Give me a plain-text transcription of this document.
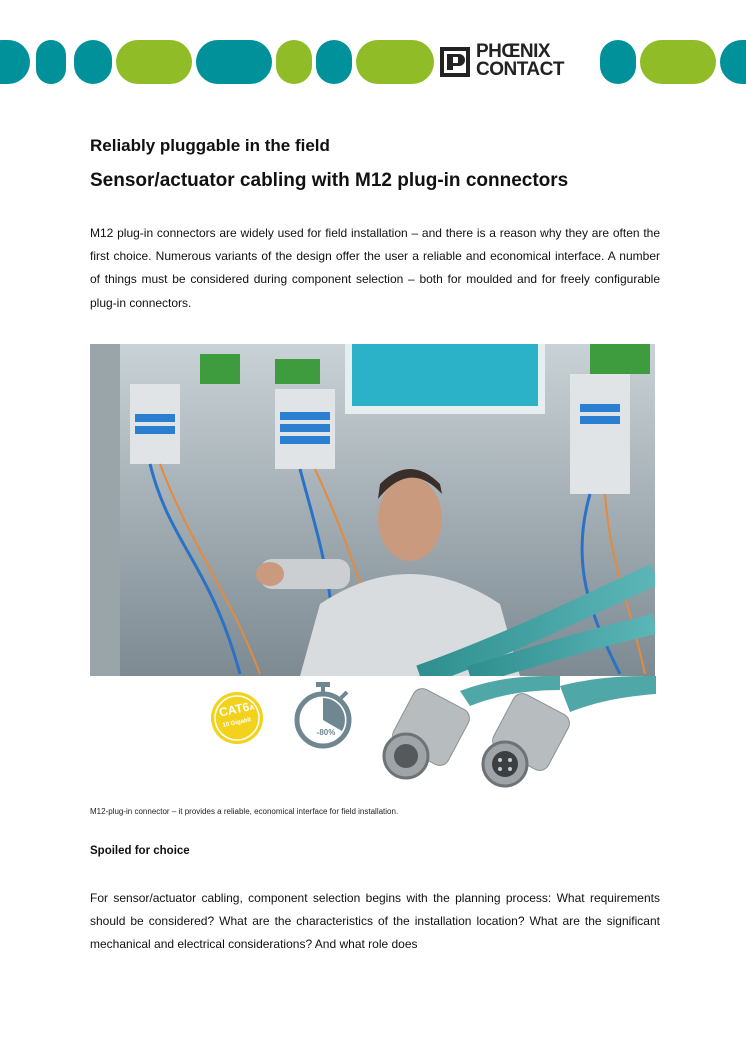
PHŒNIX
CONTACT
Reliably pluggable in the field
Sensor/actuator cabling with M12 plug-in connectors
M12 plug-in connectors are widely used for field installation – and there is a reason why they are often the first choice. Numerous variants of the design offer the user a reliable and economical interface. A number of things must be considered during component selection – both for moulded and for freely configurable plug-in connectors.
CAT6A
10 Gigabit
-80%
M12-plug-in connector – it provides a reliable, economical interface for field installation.
Spoiled for choice
For sensor/actuator cabling, component selection begins with the planning process: What requirements should be considered? What are the characteristics of the installation location? What are the significant mechanical and electrical considerations? And what role does
